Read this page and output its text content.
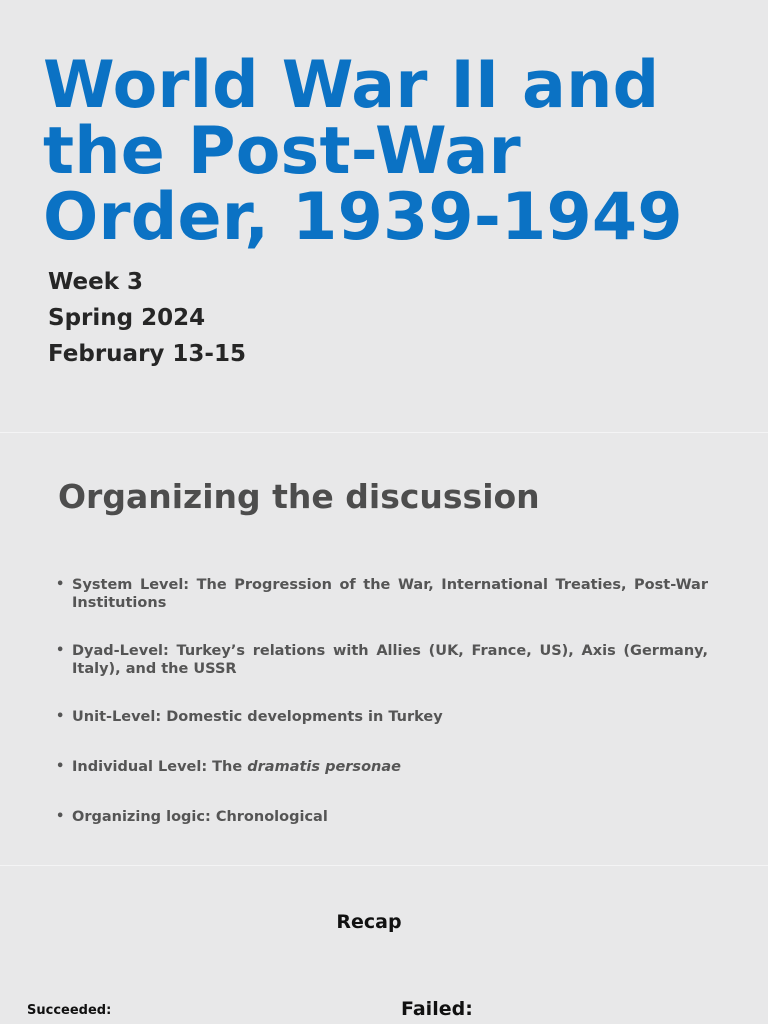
World War II and
the Post-War
Order, 1939-1949
Week 3
Spring 2024
February 13-15
Organizing the discussion
• System Level: The Progression of the War, International Treaties, Post-War Institutions
• Dyad-Level: Turkey’s relations with Allies (UK, France, US), Axis (Germany, Italy), and the USSR
• Unit-Level: Domestic developments in Turkey
• Individual Level: The dramatis personae
• Organizing logic: Chronological
Recap
Succeeded:	Failed:
